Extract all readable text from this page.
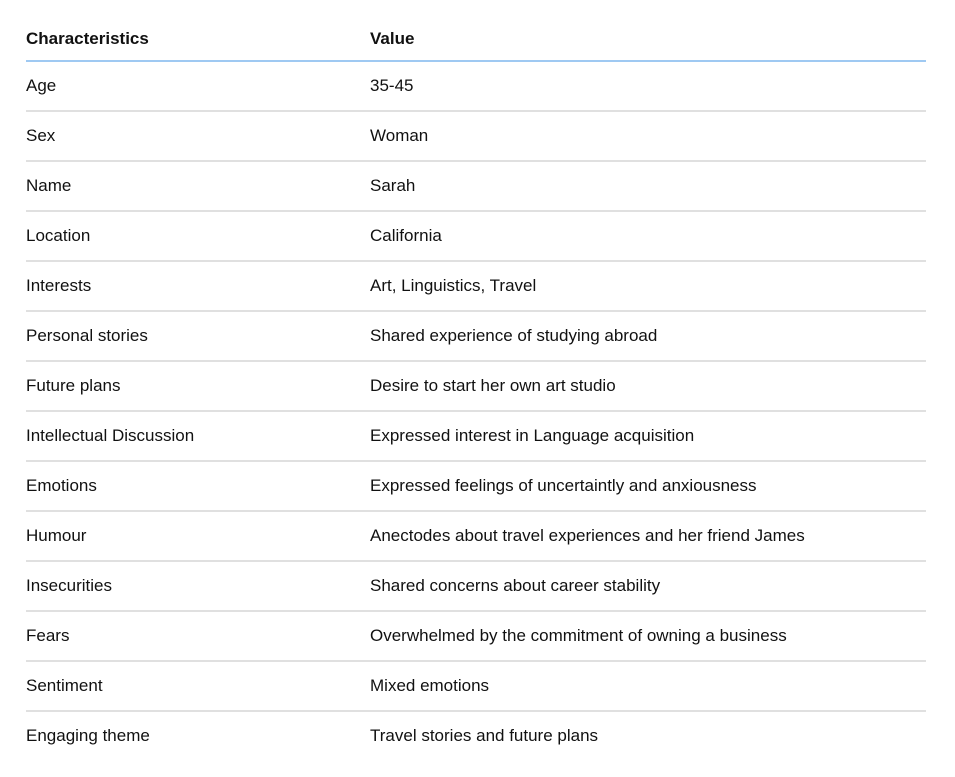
Characteristics	Value
Age	35-45
Sex	Woman
Name	Sarah
Location	California
Interests	Art, Linguistics, Travel
Personal stories	Shared experience of studying abroad
Future plans	Desire to start her own art studio
Intellectual Discussion	Expressed interest in Language acquisition
Emotions	Expressed feelings of uncertaintly and anxiousness
Humour	Anectodes about travel experiences and her friend James
Insecurities	Shared concerns about career stability
Fears	Overwhelmed by the commitment of owning a business
Sentiment	Mixed emotions
Engaging theme	Travel stories and future plans
